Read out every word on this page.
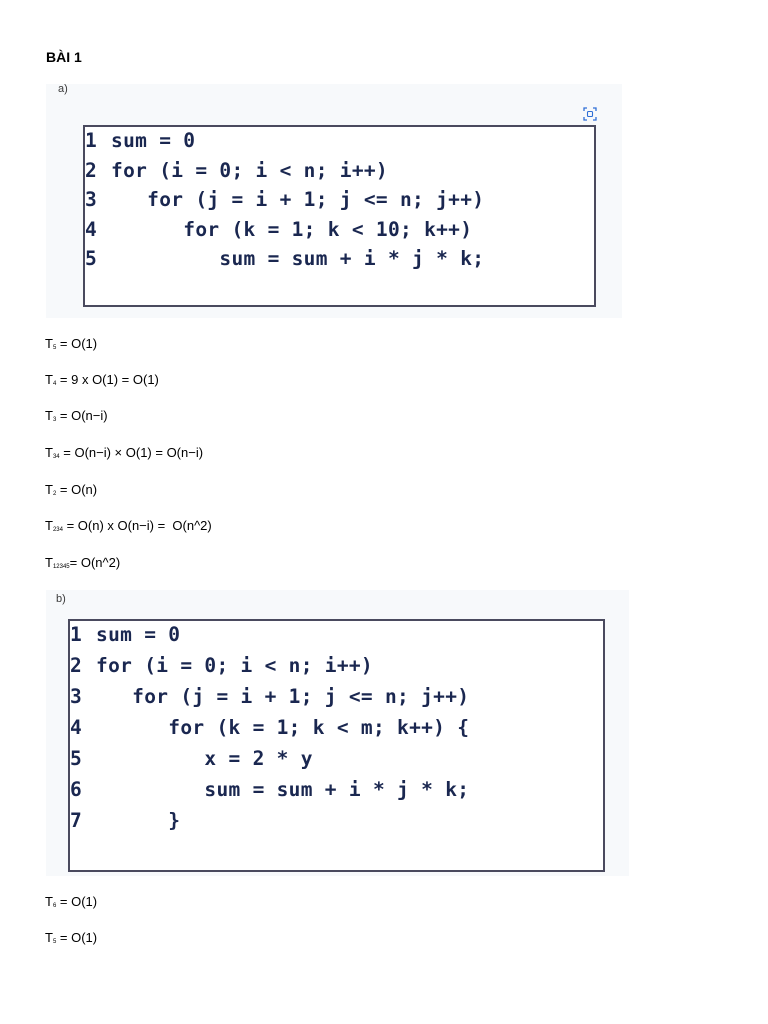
BÀI 1
a)
1 sum = 0
2 for (i = 0; i < n; i++)
3    for (j = i + 1; j <= n; j++)
4       for (k = 1; k < 10; k++)
5          sum = sum + i * j * k;
$T_5 = O(1)$
$T_4 = 9$ x O(1) = O(1)
$T_3 = O(n-i)$
$T_{34} = O(n-i) \times O(1) = O(n-i)$
$T_2 = O(n)$
$T_{234} = O(n)$ x O(n−i) =  O(n^2)
$T_{12345}=$ O(n^2)
b)
1 sum = 0
2 for (i = 0; i < n; i++)
3    for (j = i + 1; j <= n; j++)
4       for (k = 1; k < m; k++) {
5          x = 2 * y
6          sum = sum + i * j * k;
7       }
$T_6 = O(1)$
$T_5 = O(1)$
